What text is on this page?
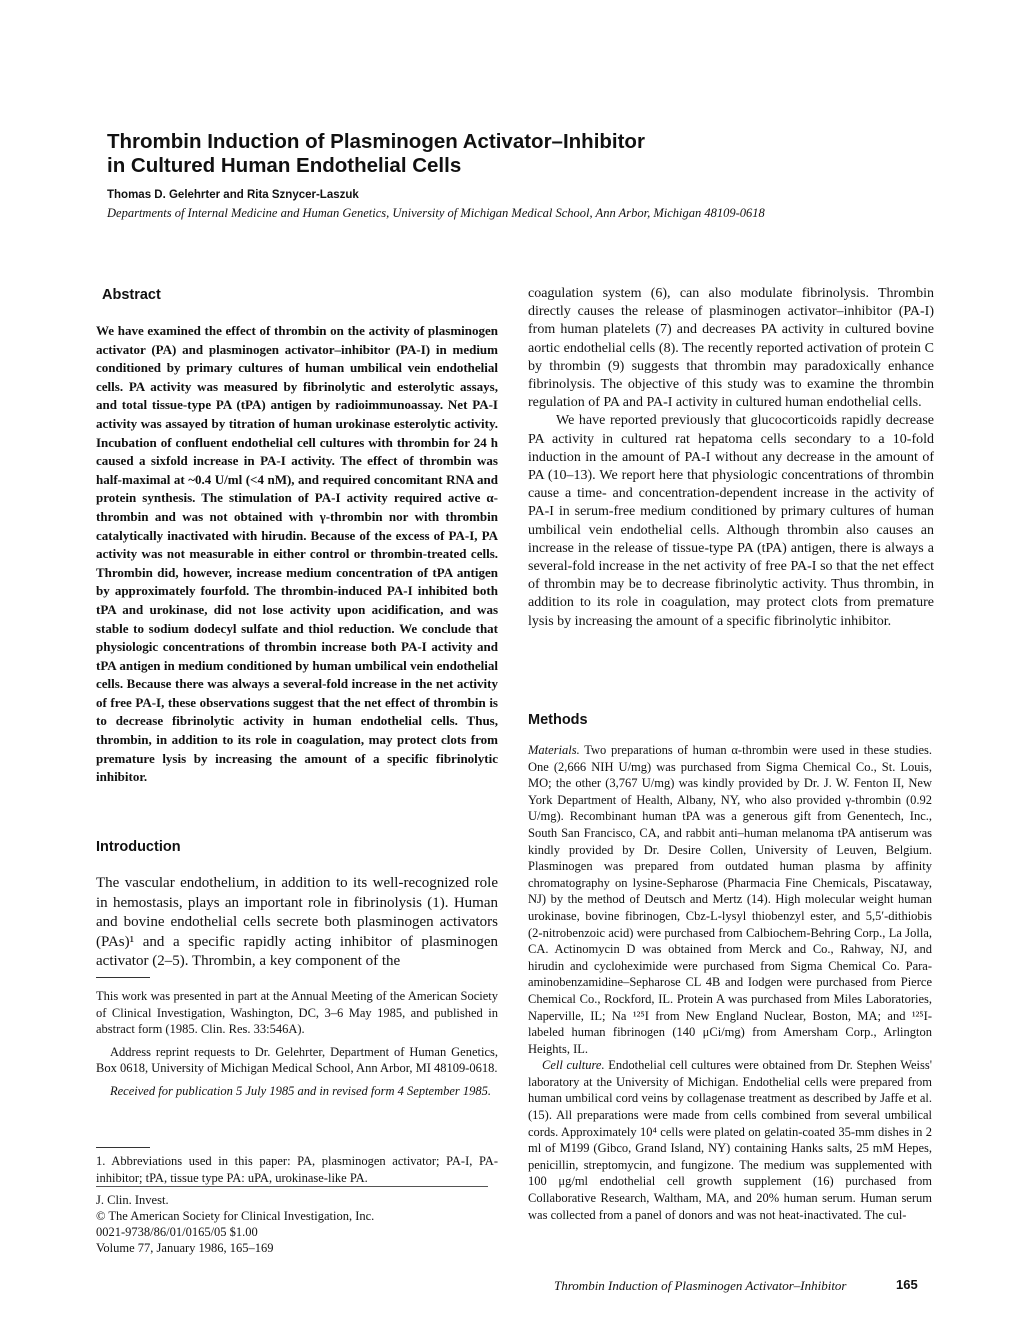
Thrombin Induction of Plasminogen Activator–Inhibitor
in Cultured Human Endothelial Cells
Thomas D. Gelehrter and Rita Sznycer-Laszuk
Departments of Internal Medicine and Human Genetics, University of Michigan Medical School, Ann Arbor, Michigan 48109-0618
Abstract
We have examined the effect of thrombin on the activity of plasminogen activator (PA) and plasminogen activator–inhibitor (PA-I) in medium conditioned by primary cultures of human umbilical vein endothelial cells. PA activity was measured by fibrinolytic and esterolytic assays, and total tissue-type PA (tPA) antigen by radioimmunoassay. Net PA-I activity was assayed by titration of human urokinase esterolytic activity. Incubation of confluent endothelial cell cultures with thrombin for 24 h caused a sixfold increase in PA-I activity. The effect of thrombin was half-maximal at ~0.4 U/ml (<4 nM), and required concomitant RNA and protein synthesis. The stimulation of PA-I activity required active α-thrombin and was not obtained with γ-thrombin nor with thrombin catalytically inactivated with hirudin. Because of the excess of PA-I, PA activity was not measurable in either control or thrombin-treated cells. Thrombin did, however, increase medium concentration of tPA antigen by approximately fourfold. The thrombin-induced PA-I inhibited both tPA and urokinase, did not lose activity upon acidification, and was stable to sodium dodecyl sulfate and thiol reduction. We conclude that physiologic concentrations of thrombin increase both PA-I activity and tPA antigen in medium conditioned by human umbilical vein endothelial cells. Because there was always a several-fold increase in the net activity of free PA-I, these observations suggest that the net effect of thrombin is to decrease fibrinolytic activity in human endothelial cells. Thus, thrombin, in addition to its role in coagulation, may protect clots from premature lysis by increasing the amount of a specific fibrinolytic inhibitor.
Introduction
The vascular endothelium, in addition to its well-recognized role in hemostasis, plays an important role in fibrinolysis (1). Human and bovine endothelial cells secrete both plasminogen activators (PAs)¹ and a specific rapidly acting inhibitor of plasminogen activator (2–5). Thrombin, a key component of the

This work was presented in part at the Annual Meeting of the American Society of Clinical Investigation, Washington, DC, 3–6 May 1985, and published in abstract form (1985. Clin. Res. 33:546A).

Address reprint requests to Dr. Gelehrter, Department of Human Genetics, Box 0618, University of Michigan Medical School, Ann Arbor, MI 48109-0618.

Received for publication 5 July 1985 and in revised form 4 September 1985.

1. Abbreviations used in this paper: PA, plasminogen activator; PA-I, PA-inhibitor; tPA, tissue type PA: uPA, urokinase-like PA.
J. Clin. Invest.
© The American Society for Clinical Investigation, Inc.
0021-9738/86/01/0165/05 $1.00
Volume 77, January 1986, 165–169

coagulation system (6), can also modulate fibrinolysis. Thrombin directly causes the release of plasminogen activator–inhibitor (PA-I) from human platelets (7) and decreases PA activity in cultured bovine aortic endothelial cells (8). The recently reported activation of protein C by thrombin (9) suggests that thrombin may paradoxically enhance fibrinolysis. The objective of this study was to examine the thrombin regulation of PA and PA-I activity in cultured human endothelial cells.

We have reported previously that glucocorticoids rapidly decrease PA activity in cultured rat hepatoma cells secondary to a 10-fold induction in the amount of PA-I without any decrease in the amount of PA (10–13). We report here that physiologic concentrations of thrombin cause a time- and concentration-dependent increase in the activity of PA-I in serum-free medium conditioned by primary cultures of human umbilical vein endothelial cells. Although thrombin also causes an increase in the release of tissue-type PA (tPA) antigen, there is always a several-fold increase in the net activity of free PA-I so that the net effect of thrombin may be to decrease fibrinolytic activity. Thus thrombin, in addition to its role in coagulation, may protect clots from premature lysis by increasing the amount of a specific fibrinolytic inhibitor.

Methods

Materials. Two preparations of human α-thrombin were used in these studies. One (2,666 NIH U/mg) was purchased from Sigma Chemical Co., St. Louis, MO; the other (3,767 U/mg) was kindly provided by Dr. J. W. Fenton II, New York Department of Health, Albany, NY, who also provided γ-thrombin (0.92 U/mg). Recombinant human tPA was a generous gift from Genentech, Inc., South San Francisco, CA, and rabbit anti–human melanoma tPA antiserum was kindly provided by Dr. Desire Collen, University of Leuven, Belgium. Plasminogen was prepared from outdated human plasma by affinity chromatography on lysine-Sepharose (Pharmacia Fine Chemicals, Piscataway, NJ) by the method of Deutsch and Mertz (14). High molecular weight human urokinase, bovine fibrinogen, Cbz-L-lysyl thiobenzyl ester, and 5,5′-dithiobis (2-nitrobenzoic acid) were purchased from Calbiochem-Behring Corp., La Jolla, CA. Actinomycin D was obtained from Merck and Co., Rahway, NJ, and hirudin and cycloheximide were purchased from Sigma Chemical Co. Para-aminobenzamidine–Sepharose CL 4B and Iodgen were purchased from Pierce Chemical Co., Rockford, IL. Protein A was purchased from Miles Laboratories, Naperville, IL; Na ¹²⁵I from New England Nuclear, Boston, MA; and ¹²⁵I-labeled human fibrinogen (140 μCi/mg) from Amersham Corp., Arlington Heights, IL.

Cell culture. Endothelial cell cultures were obtained from Dr. Stephen Weiss' laboratory at the University of Michigan. Endothelial cells were prepared from human umbilical cord veins by collagenase treatment as described by Jaffe et al. (15). All preparations were made from cells combined from several umbilical cords. Approximately 10⁴ cells were plated on gelatin-coated 35-mm dishes in 2 ml of M199 (Gibco, Grand Island, NY) containing Hanks salts, 25 mM Hepes, penicillin, streptomycin, and fungizone. The medium was supplemented with 100 μg/ml endothelial cell growth supplement (16) purchased from Collaborative Research, Waltham, MA, and 20% human serum. Human serum was collected from a panel of donors and was not heat-inactivated. The cul-

Thrombin Induction of Plasminogen Activator–Inhibitor	165
